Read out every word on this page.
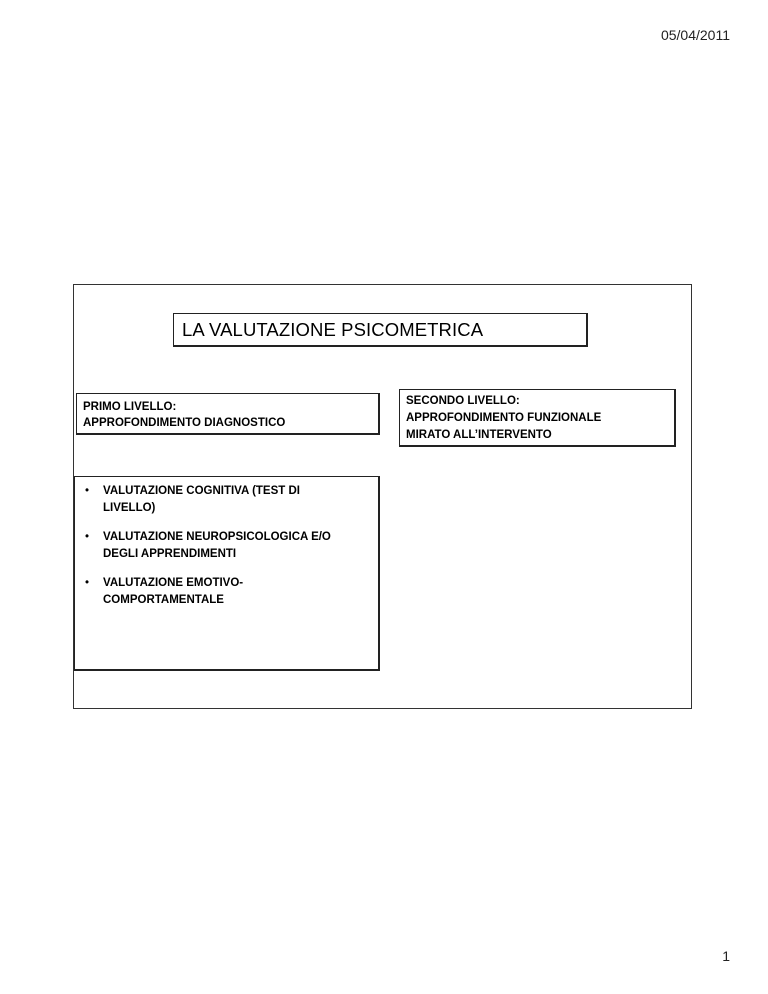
05/04/2011
LA VALUTAZIONE PSICOMETRICA
PRIMO LIVELLO:
APPROFONDIMENTO DIAGNOSTICO
SECONDO LIVELLO:
APPROFONDIMENTO FUNZIONALE
MIRATO ALL’INTERVENTO
• VALUTAZIONE COGNITIVA (TEST DI
LIVELLO)
• VALUTAZIONE NEUROPSICOLOGICA E/O
DEGLI APPRENDIMENTI
• VALUTAZIONE EMOTIVO-
COMPORTAMENTALE
1
